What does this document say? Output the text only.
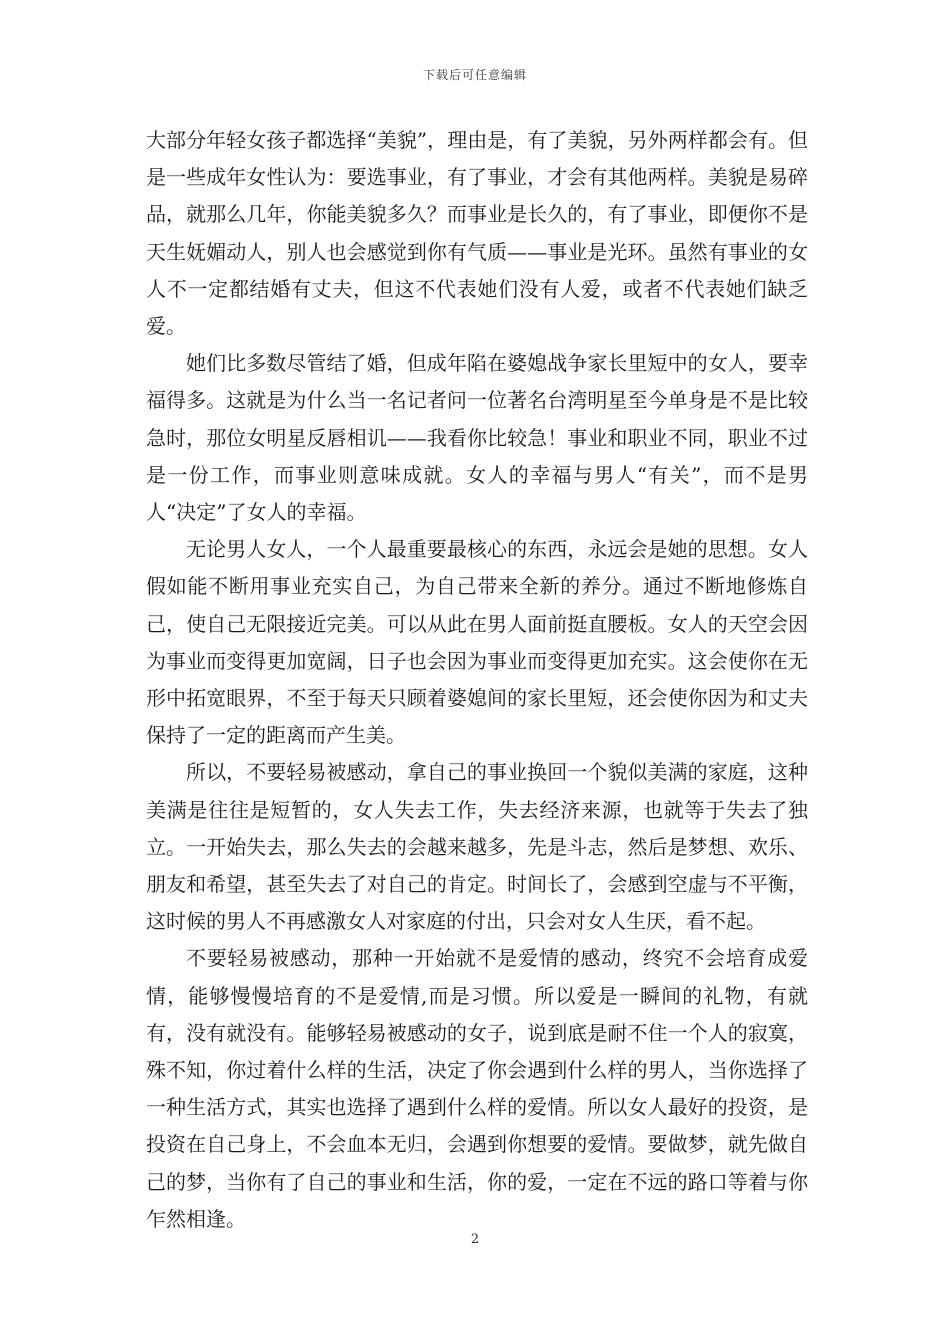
下载后可任意编辑

大部分年轻女孩子都选择“美貌”，理由是，有了美貌，另外两样都会有。但是一些成年女性认为：要选事业，有了事业，才会有其他两样。美貌是易碎品，就那么几年，你能美貌多久？而事业是长久的，有了事业，即便你不是天生妩媚动人，别人也会感觉到你有气质——事业是光环。虽然有事业的女人不一定都结婚有丈夫，但这不代表她们没有人爱，或者不代表她们缺乏爱。

她们比多数尽管结了婚，但成年陷在婆媳战争家长里短中的女人，要幸福得多。这就是为什么当一名记者问一位著名台湾明星至今单身是不是比较急时，那位女明星反唇相讥——我看你比较急！事业和职业不同，职业不过是一份工作，而事业则意味成就。女人的幸福与男人“有关”，而不是男人“决定”了女人的幸福。

无论男人女人，一个人最重要最核心的东西，永远会是她的思想。女人假如能不断用事业充实自己，为自己带来全新的养分。通过不断地修炼自己，使自己无限接近完美。可以从此在男人面前挺直腰板。女人的天空会因为事业而变得更加宽阔，日子也会因为事业而变得更加充实。这会使你在无形中拓宽眼界，不至于每天只顾着婆媳间的家长里短，还会使你因为和丈夫保持了一定的距离而产生美。

所以，不要轻易被感动，拿自己的事业换回一个貌似美满的家庭，这种美满是往往是短暂的，女人失去工作，失去经济来源，也就等于失去了独立。一开始失去，那么失去的会越来越多，先是斗志，然后是梦想、欢乐、朋友和希望，甚至失去了对自己的肯定。时间长了，会感到空虚与不平衡，这时候的男人不再感激女人对家庭的付出，只会对女人生厌，看不起。

不要轻易被感动，那种一开始就不是爱情的感动，终究不会培育成爱情，能够慢慢培育的不是爱情,而是习惯。所以爱是一瞬间的礼物，有就有，没有就没有。能够轻易被感动的女子，说到底是耐不住一个人的寂寞，殊不知，你过着什么样的生活，决定了你会遇到什么样的男人，当你选择了一种生活方式，其实也选择了遇到什么样的爱情。所以女人最好的投资，是投资在自己身上，不会血本无归，会遇到你想要的爱情。要做梦，就先做自己的梦，当你有了自己的事业和生活，你的爱，一定在不远的路口等着与你乍然相逢。

2
